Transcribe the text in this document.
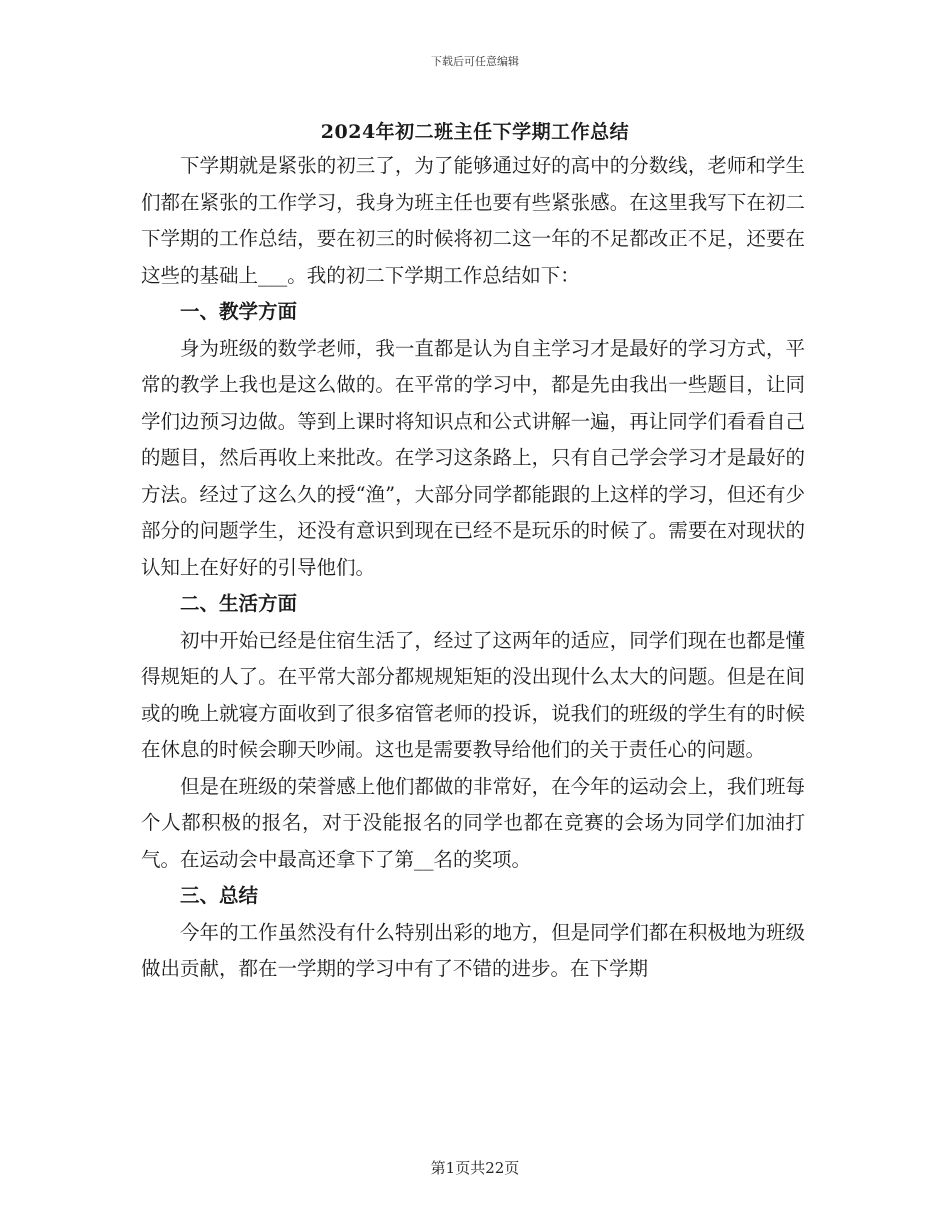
下载后可任意编辑
2024年初二班主任下学期工作总结

下学期就是紧张的初三了，为了能够通过好的高中的分数线，老师和学生们都在紧张的工作学习，我身为班主任也要有些紧张感。在这里我写下在初二下学期的工作总结，要在初三的时候将初二这一年的不足都改正不足，还要在这些的基础上___。我的初二下学期工作总结如下：

一、教学方面

身为班级的数学老师，我一直都是认为自主学习才是最好的学习方式，平常的教学上我也是这么做的。在平常的学习中，都是先由我出一些题目，让同学们边预习边做。等到上课时将知识点和公式讲解一遍，再让同学们看看自己的题目，然后再收上来批改。在学习这条路上，只有自己学会学习才是最好的方法。经过了这么久的授“渔”，大部分同学都能跟的上这样的学习，但还有少部分的问题学生，还没有意识到现在已经不是玩乐的时候了。需要在对现状的认知上在好好的引导他们。

二、生活方面

初中开始已经是住宿生活了，经过了这两年的适应，同学们现在也都是懂得规矩的人了。在平常大部分都规规矩矩的没出现什么太大的问题。但是在间或的晚上就寝方面收到了很多宿管老师的投诉，说我们的班级的学生有的时候在休息的时候会聊天吵闹。这也是需要教导给他们的关于责任心的问题。

但是在班级的荣誉感上他们都做的非常好，在今年的运动会上，我们班每个人都积极的报名，对于没能报名的同学也都在竞赛的会场为同学们加油打气。在运动会中最高还拿下了第__名的奖项。

三、总结

今年的工作虽然没有什么特别出彩的地方，但是同学们都在积极地为班级做出贡献，都在一学期的学习中有了不错的进步。在下学期

第1页共22页
